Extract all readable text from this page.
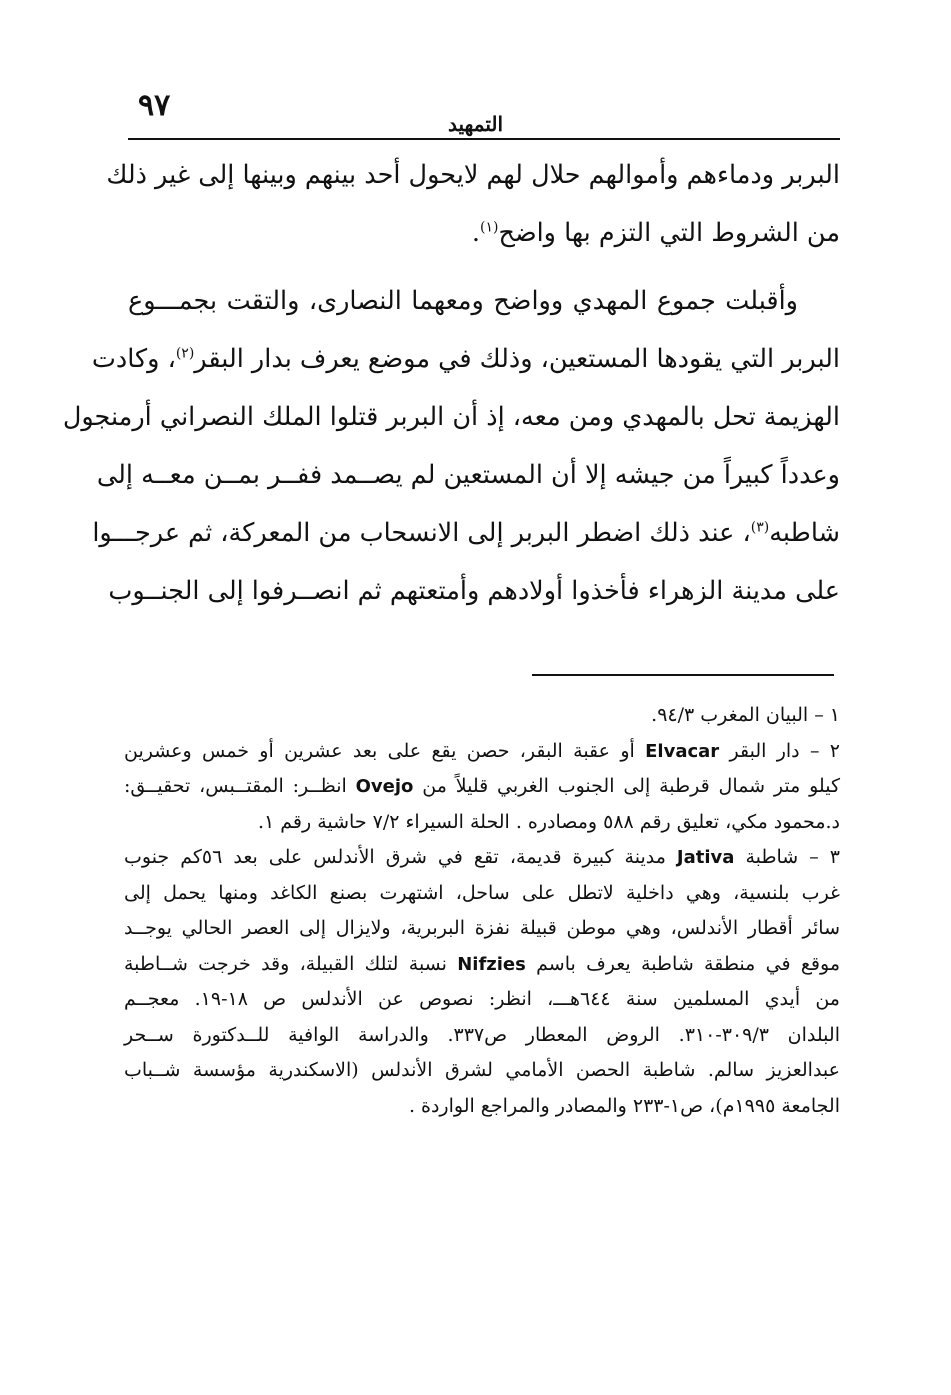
٩٧
التمهيد
البربر ودماءهم وأموالهم حلال لهم لايحول أحد بينهم وبينها إلى غير ذلك
من الشروط التي التزم بها واضح$^{(١)}$.
وأقبلت جموع المهدي وواضح ومعهما النصارى، والتقت بجمـــوع
البربر التي يقودها المستعين، وذلك في موضع يعرف بدار البقر$^{(٢)}$، وكادت
الهزيمة تحل بالمهدي ومن معه، إذ أن البربر قتلوا الملك النصراني أرمنجول
وعدداً كبيراً من جيشه إلا أن المستعين لم يصــمد ففــر بمــن معــه إلى
شاطبه$^{(٣)}$، عند ذلك اضطر البربر إلى الانسحاب من المعركة، ثم عرجـــوا
على مدينة الزهراء فأخذوا أولادهم وأمتعتهم ثم انصــرفوا إلى الجنــوب
١ – البيان المغرب ٩٤/٣.
٢ – دار البقر Elvacar أو عقبة البقر، حصن يقع على بعد عشرين أو خمس وعشرين
كيلو متر شمال قرطبة إلى الجنوب الغربي قليلاً من Ovejo انظــر: المقتــبس، تحقيــق:
د.محمود مكي، تعليق رقم ٥٨٨ ومصادره . الحلة السيراء ٧/٢ حاشية رقم ١.
٣ – شاطبة Jativa مدينة كبيرة قديمة، تقع في شرق الأندلس على بعد ٥٦كم جنوب
غرب بلنسية، وهي داخلية لاتطل على ساحل، اشتهرت بصنع الكاغد ومنها يحمل إلى
سائر أقطار الأندلس، وهي موطن قبيلة نفزة البربرية، ولايزال إلى العصر الحالي يوجــد
موقع في منطقة شاطبة يعرف باسم Nifzies نسبة لتلك القبيلة، وقد خرجت شــاطبة
من أيدي المسلمين سنة ٦٤٤هـــ، انظر: نصوص عن الأندلس ص ١٨-١٩. معجــم
البلدان ٣٠٩/٣-٣١٠. الروض المعطار ص٣٣٧. والدراسة الوافية للــدكتورة ســحر
عبدالعزيز سالم. شاطبة الحصن الأمامي لشرق الأندلس (الاسكندرية مؤسسة شــباب
الجامعة ١٩٩٥م)، ص١-٢٣٣ والمصادر والمراجع الواردة .
